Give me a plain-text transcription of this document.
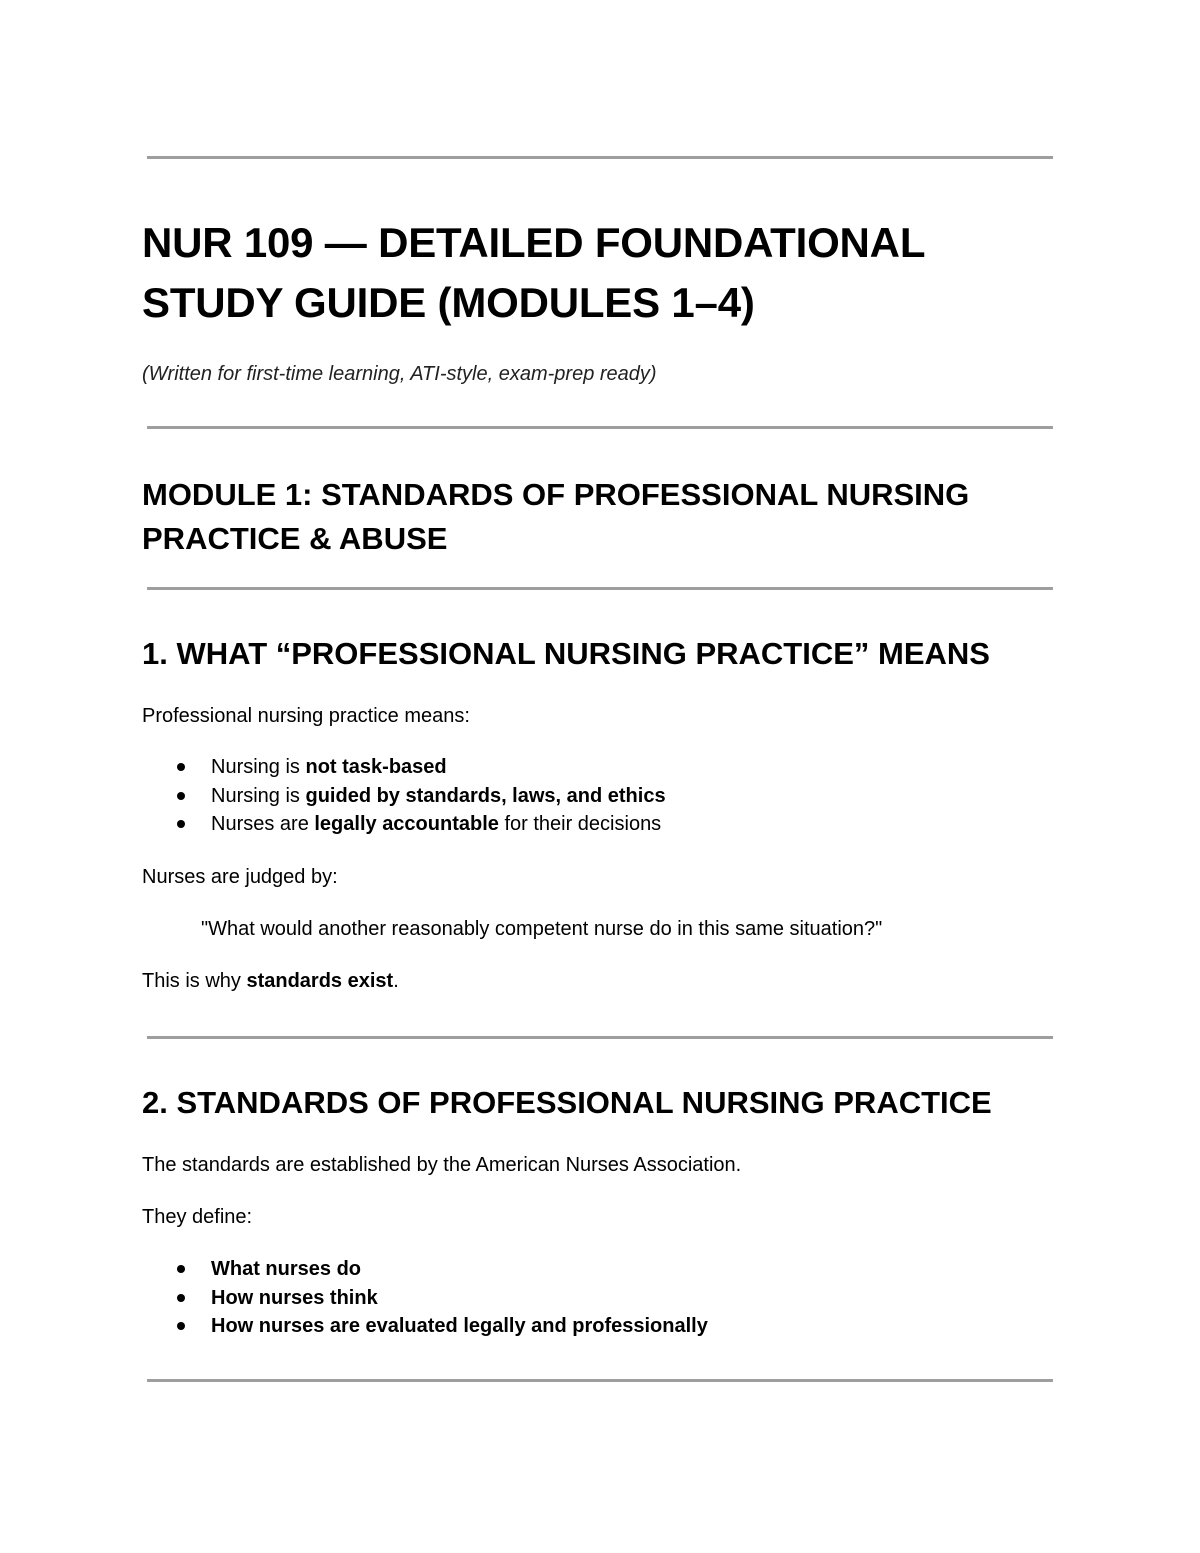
NUR 109 — DETAILED FOUNDATIONAL
STUDY GUIDE (MODULES 1–4)
(Written for first-time learning, ATI-style, exam-prep ready)
MODULE 1: STANDARDS OF PROFESSIONAL NURSING
PRACTICE & ABUSE
1. WHAT “PROFESSIONAL NURSING PRACTICE” MEANS
Professional nursing practice means:
Nursing is not task-based
Nursing is guided by standards, laws, and ethics
Nurses are legally accountable for their decisions
Nurses are judged by:
"What would another reasonably competent nurse do in this same situation?"
This is why standards exist.
2. STANDARDS OF PROFESSIONAL NURSING PRACTICE
The standards are established by the American Nurses Association.
They define:
What nurses do
How nurses think
How nurses are evaluated legally and professionally
